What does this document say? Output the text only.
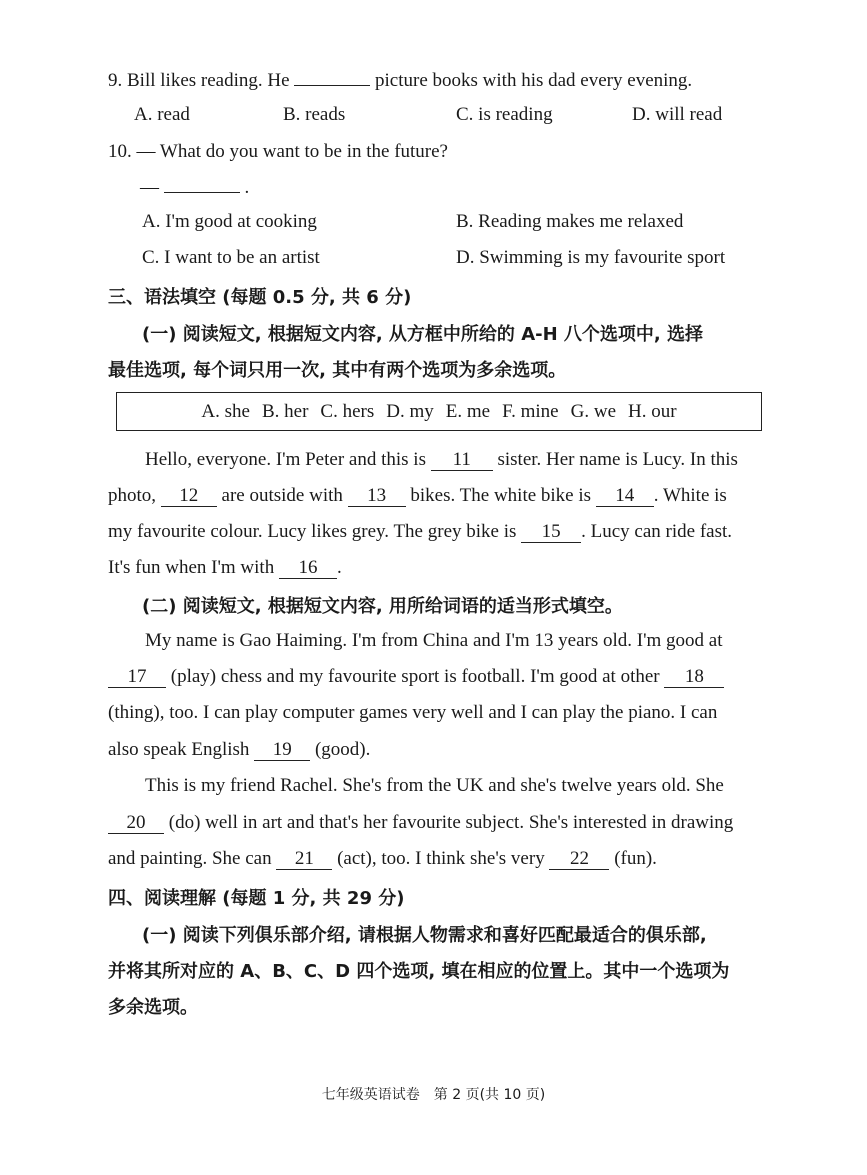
9. Bill likes reading. He	picture books with his dad every evening.
A. read	B. reads	C. is reading	D. will read
10. — What do you want to be in the future?
—	.
A. I'm good at cooking	B. Reading makes me relaxed
C. I want to be an artist	D. Swimming is my favourite sport
三、语法填空 (每题 0.5 分, 共 6 分)
(一) 阅读短文, 根据短文内容, 从方框中所给的 A-H 八个选项中, 选择
最佳选项, 每个词只用一次, 其中有两个选项为多余选项。
A. she B. her C. hers D. my E. me F. mine G. we H. our
Hello, everyone. I'm Peter and this is 11 sister. Her name is Lucy. In this
photo, 12 are outside with 13 bikes. The white bike is 14 . White is
my favourite colour. Lucy likes grey. The grey bike is 15 . Lucy can ride fast.
It's fun when I'm with 16 .
(二) 阅读短文, 根据短文内容, 用所给词语的适当形式填空。
My name is Gao Haiming. I'm from China and I'm 13 years old. I'm good at
17 (play) chess and my favourite sport is football. I'm good at other 18
(thing), too. I can play computer games very well and I can play the piano. I can
also speak English 19 (good).
This is my friend Rachel. She's from the UK and she's twelve years old. She
20 (do) well in art and that's her favourite subject. She's interested in drawing
and painting. She can 21 (act), too. I think she's very 22 (fun).
四、阅读理解 (每题 1 分, 共 29 分)
(一) 阅读下列俱乐部介绍, 请根据人物需求和喜好匹配最适合的俱乐部,
并将其所对应的 A、B、C、D 四个选项, 填在相应的位置上。其中一个选项为
多余选项。
七年级英语试卷　第 2 页(共 10 页)
